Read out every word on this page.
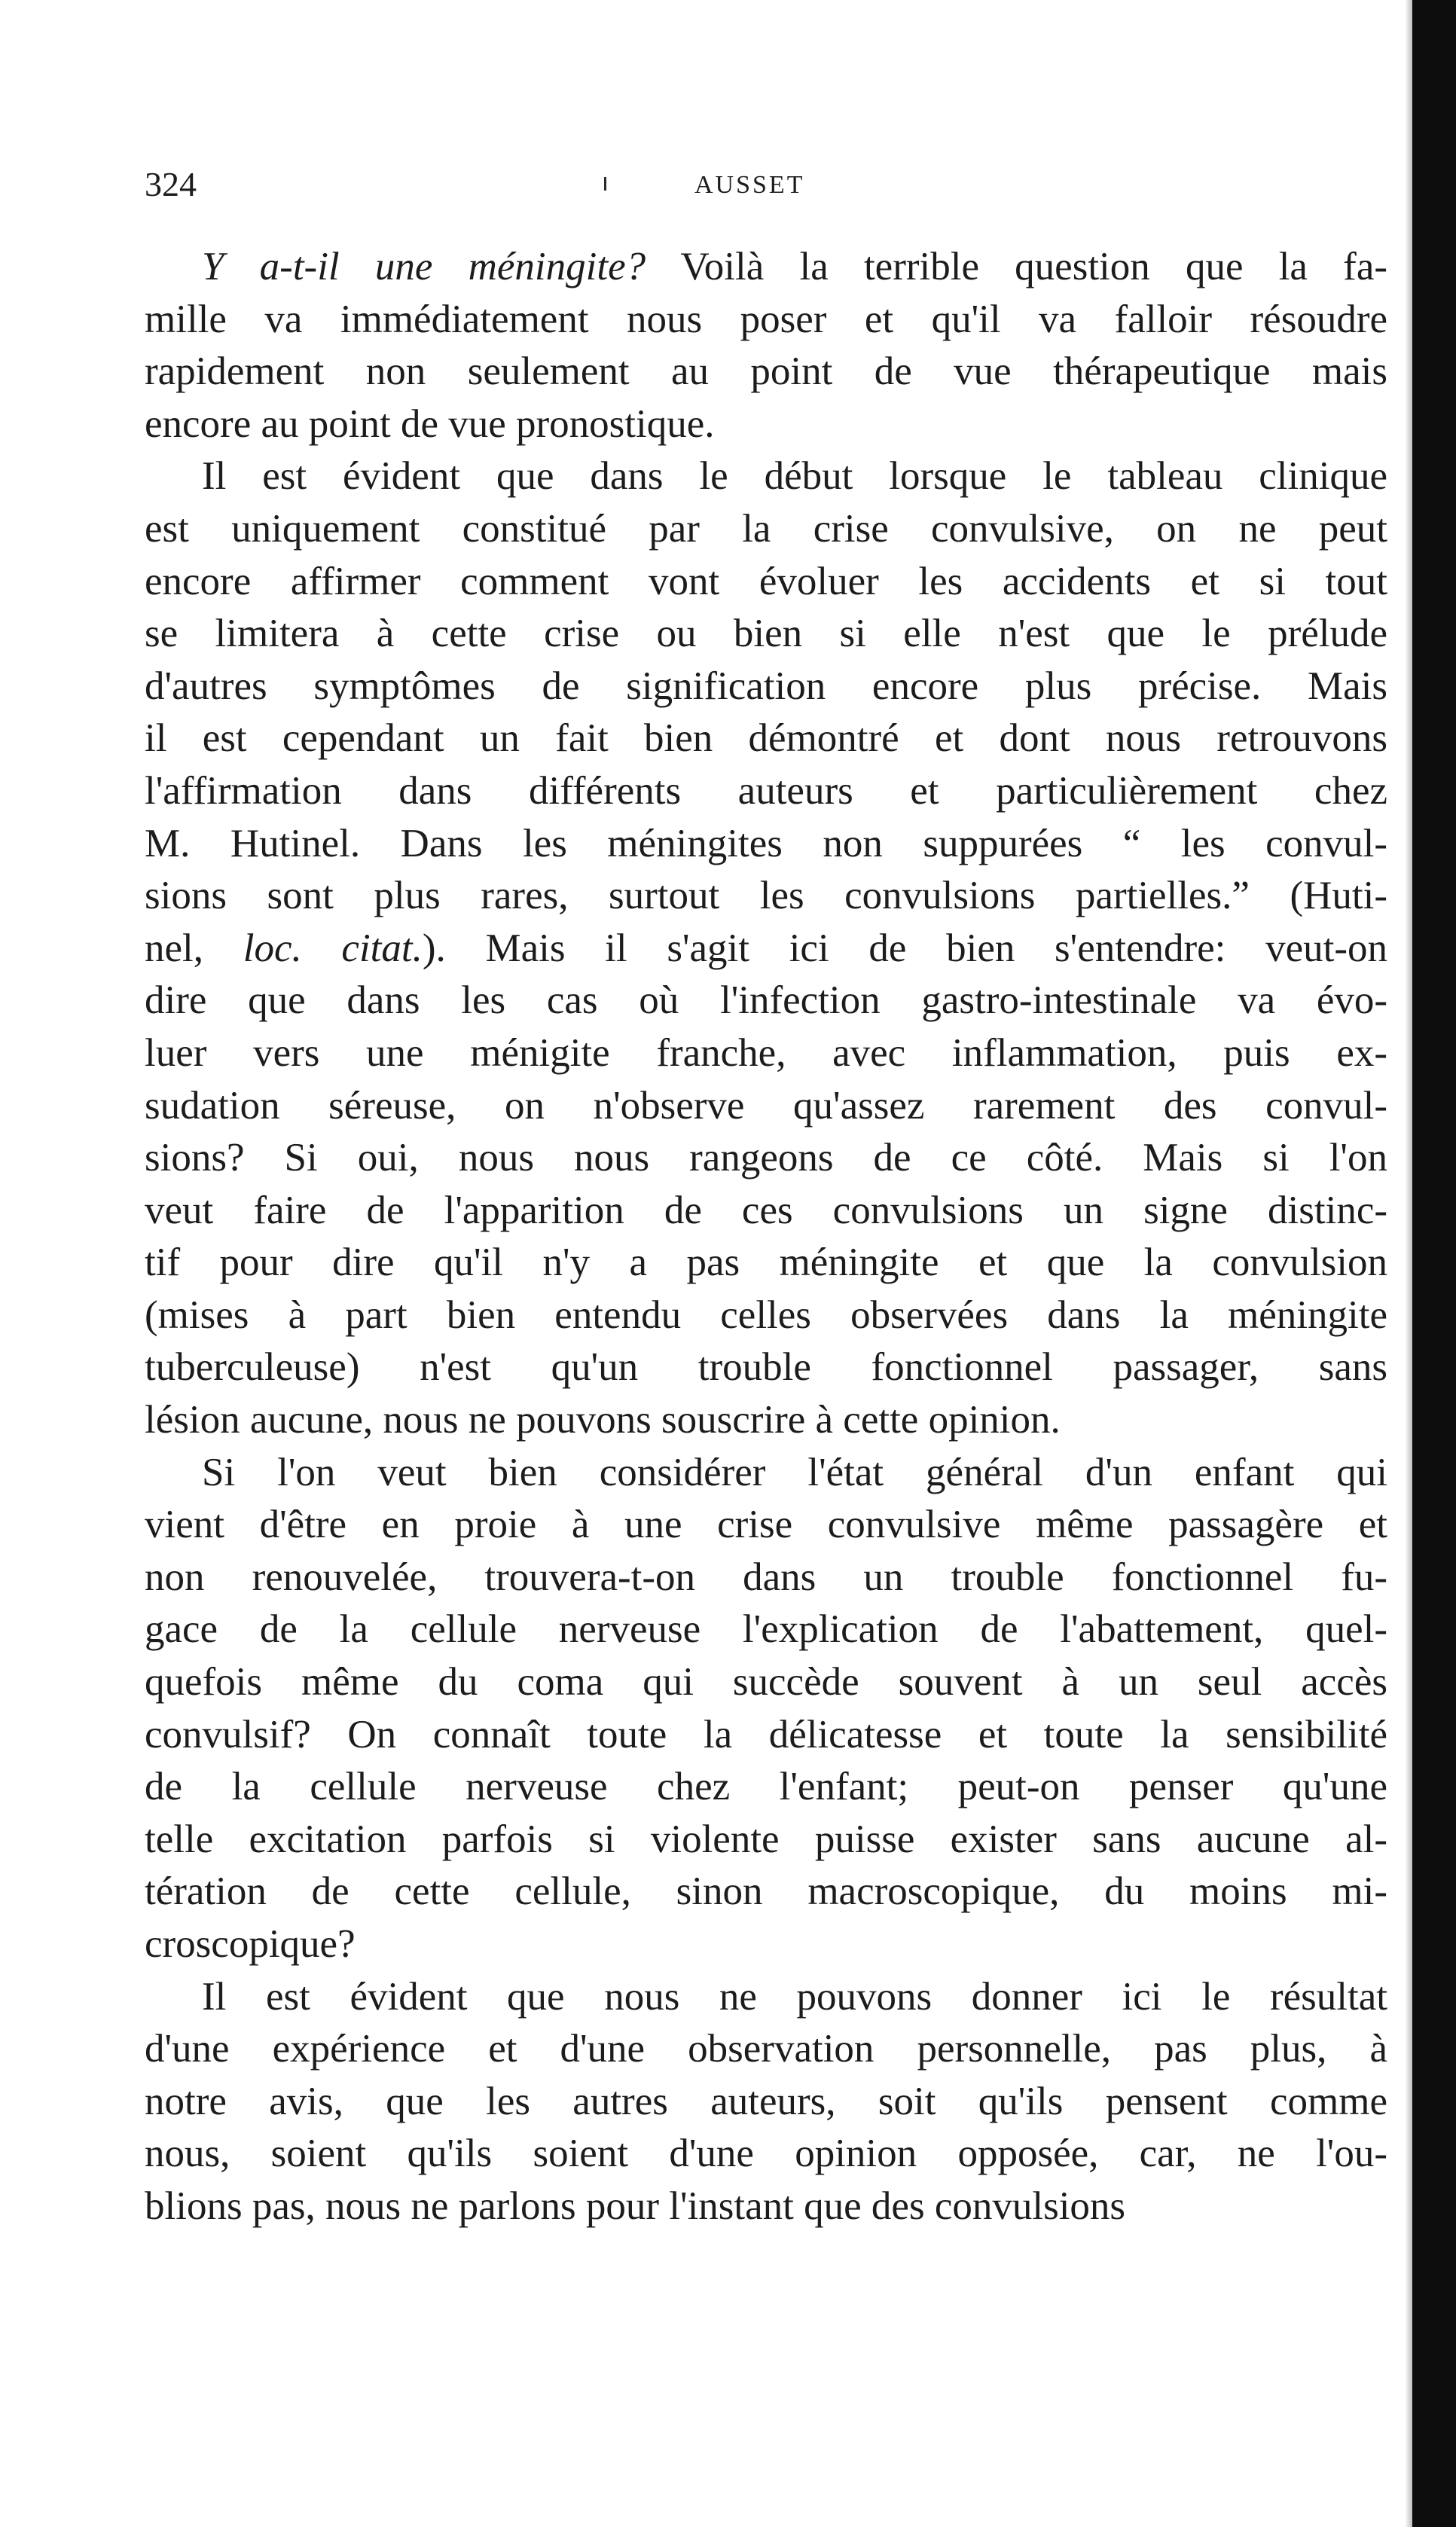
324	AUSSET
Y a-t-il une méningite? Voilà la terrible question que la fa-
mille va immédiatement nous poser et qu'il va falloir résoudre
rapidement non seulement au point de vue thérapeutique mais
encore au point de vue pronostique.
Il est évident que dans le début lorsque le tableau clinique
est uniquement constitué par la crise convulsive, on ne peut
encore affirmer comment vont évoluer les accidents et si tout
se limitera à cette crise ou bien si elle n'est que le prélude
d'autres symptômes de signification encore plus précise. Mais
il est cependant un fait bien démontré et dont nous retrouvons
l'affirmation dans différents auteurs et particulièrement chez
M. Hutinel. Dans les méningites non suppurées “ les convul-
sions sont plus rares, surtout les convulsions partielles.” (Huti-
nel, loc. citat.). Mais il s'agit ici de bien s'entendre: veut-on
dire que dans les cas où l'infection gastro-intestinale va évo-
luer vers une ménigite franche, avec inflammation, puis ex-
sudation séreuse, on n'observe qu'assez rarement des convul-
sions? Si oui, nous nous rangeons de ce côté. Mais si l'on
veut faire de l'apparition de ces convulsions un signe distinc-
tif pour dire qu'il n'y a pas méningite et que la convulsion
(mises à part bien entendu celles observées dans la méningite
tuberculeuse) n'est qu'un trouble fonctionnel passager, sans
lésion aucune, nous ne pouvons souscrire à cette opinion.
Si l'on veut bien considérer l'état général d'un enfant qui
vient d'être en proie à une crise convulsive même passagère et
non renouvelée, trouvera-t-on dans un trouble fonctionnel fu-
gace de la cellule nerveuse l'explication de l'abattement, quel-
quefois même du coma qui succède souvent à un seul accès
convulsif? On connaît toute la délicatesse et toute la sensibilité
de la cellule nerveuse chez l'enfant; peut-on penser qu'une
telle excitation parfois si violente puisse exister sans aucune al-
tération de cette cellule, sinon macroscopique, du moins mi-
croscopique?
Il est évident que nous ne pouvons donner ici le résultat
d'une expérience et d'une observation personnelle, pas plus, à
notre avis, que les autres auteurs, soit qu'ils pensent comme
nous, soient qu'ils soient d'une opinion opposée, car, ne l'ou-
blions pas, nous ne parlons pour l'instant que des convulsions
